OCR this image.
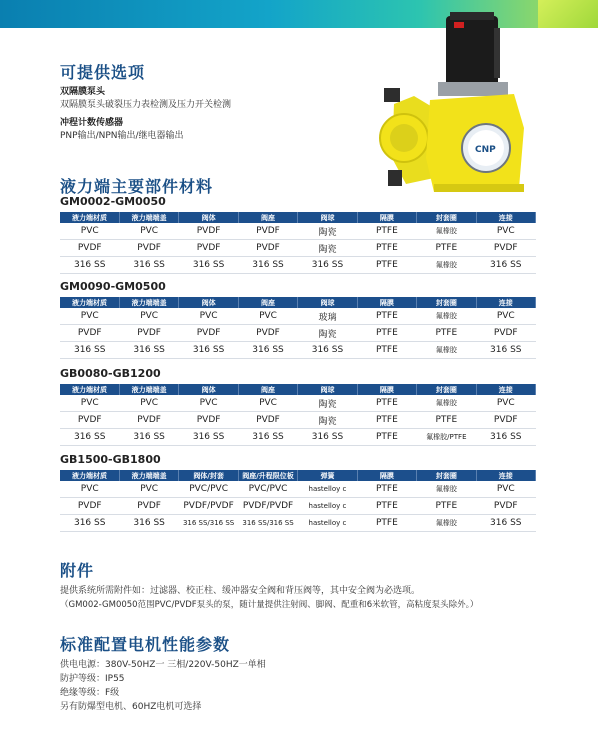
CNP
可提供选项
双隔膜泵头
双隔膜泵头破裂压力表检测及压力开关检测
冲程计数传感器
PNP输出/NPN输出/继电器输出
液力端主要部件材料
GM0002-GM0050
液力端材质	液力端端盖	阀体	阀座	阀球	隔膜	封套圈	连接
PVC	PVC	PVDF	PVDF	陶瓷	PTFE	氟橡胶	PVC
PVDF	PVDF	PVDF	PVDF	陶瓷	PTFE	PTFE	PVDF
316 SS	316 SS	316 SS	316 SS	316 SS	PTFE	氟橡胶	316 SS
GM0090-GM0500
液力端材质	液力端端盖	阀体	阀座	阀球	隔膜	封套圈	连接
PVC	PVC	PVC	PVC	玻璃	PTFE	氟橡胶	PVC
PVDF	PVDF	PVDF	PVDF	陶瓷	PTFE	PTFE	PVDF
316 SS	316 SS	316 SS	316 SS	316 SS	PTFE	氟橡胶	316 SS
GB0080-GB1200
液力端材质	液力端端盖	阀体	阀座	阀球	隔膜	封套圈	连接
PVC	PVC	PVC	PVC	陶瓷	PTFE	氟橡胶	PVC
PVDF	PVDF	PVDF	PVDF	陶瓷	PTFE	PTFE	PVDF
316 SS	316 SS	316 SS	316 SS	316 SS	PTFE	氟橡胶/PTFE	316 SS
GB1500-GB1800
液力端材质	液力端端盖	阀体/封套	阀座/升程限位板	弹簧	隔膜	封套圈	连接
PVC	PVC	PVC/PVC	PVC/PVC	hastelloy c	PTFE	氟橡胶	PVC
PVDF	PVDF	PVDF/PVDF	PVDF/PVDF	hastelloy c	PTFE	PTFE	PVDF
316 SS	316 SS	316 SS/316 SS	316 SS/316 SS	hastelloy c	PTFE	氟橡胶	316 SS
附件
提供系统所需附件如：过滤器、校正柱、缓冲器安全阀和背压阀等，其中安全阀为必选项。
（GM002-GM0050范围PVC/PVDF泵头的泵，随计量提供注射阀、脚阀、配重和6米软管，高粘度泵头除外。）
标准配置电机性能参数
供电电源：380V-50HZ一 三相/220V-50HZ一单相
防护等级：IP55
绝缘等级：F级
另有防爆型电机、60HZ电机可选择
